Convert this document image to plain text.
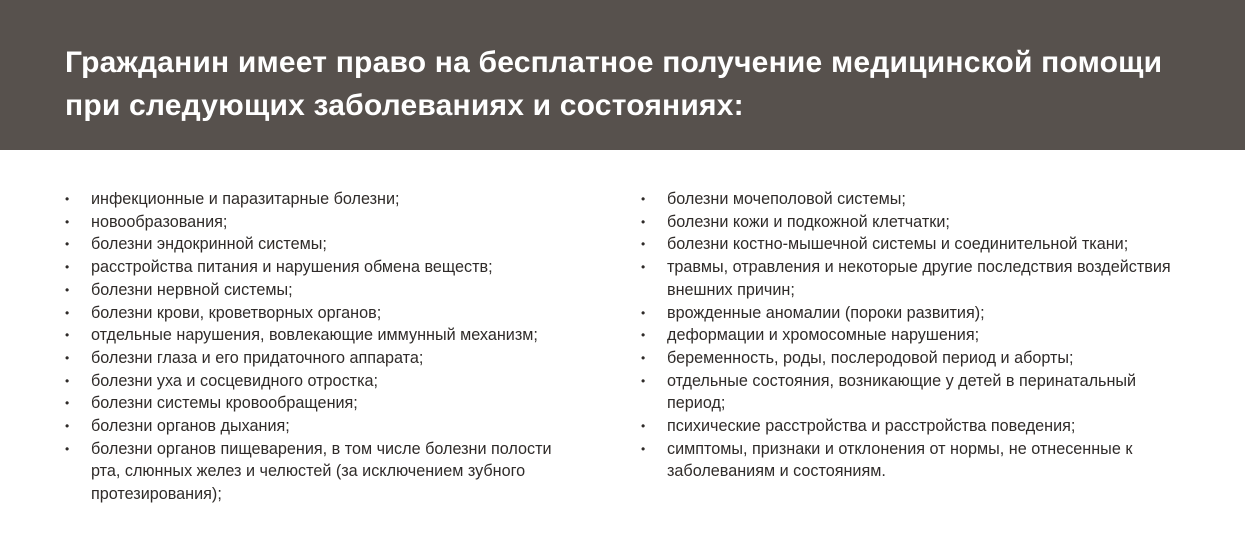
Гражданин имеет право на бесплатное получение медицинской помощи при следующих заболеваниях и состояниях:
•	инфекционные и паразитарные болезни;
•	новообразования;
•	болезни эндокринной системы;
•	расстройства питания и нарушения обмена веществ;
•	болезни нервной системы;
•	болезни крови, кроветворных органов;
•	отдельные нарушения, вовлекающие иммунный механизм;
•	болезни глаза и его придаточного аппарата;
•	болезни уха и сосцевидного отростка;
•	болезни системы кровообращения;
•	болезни органов дыхания;
•	болезни органов пищеварения, в том числе болезни полости рта, слюнных желез и челюстей (за исключением зубного протезирования);
•	болезни мочеполовой системы;
•	болезни кожи и подкожной клетчатки;
•	болезни костно-мышечной системы и соединительной ткани;
•	травмы, отравления и некоторые другие последствия воздействия внешних причин;
•	врожденные аномалии (пороки развития);
•	деформации и хромосомные нарушения;
•	беременность, роды, послеродовой период и аборты;
•	отдельные состояния, возникающие у детей в перинатальный период;
•	психические расстройства и расстройства поведения;
•	симптомы, признаки и отклонения от нормы, не отнесенные к заболеваниям и состояниям.
